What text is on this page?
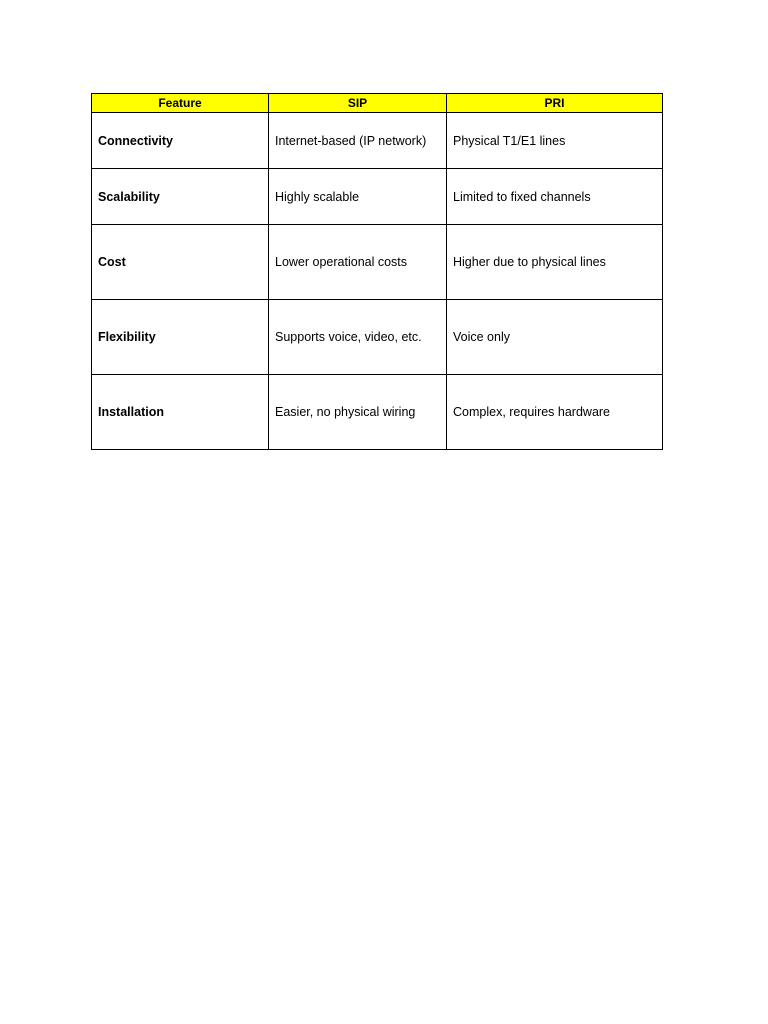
Feature	SIP	PRI
Connectivity	Internet-based (IP network)	Physical T1/E1 lines
Scalability	Highly scalable	Limited to fixed channels
Cost	Lower operational costs	Higher due to physical lines
Flexibility	Supports voice, video, etc.	Voice only
Installation	Easier, no physical wiring	Complex, requires hardware
